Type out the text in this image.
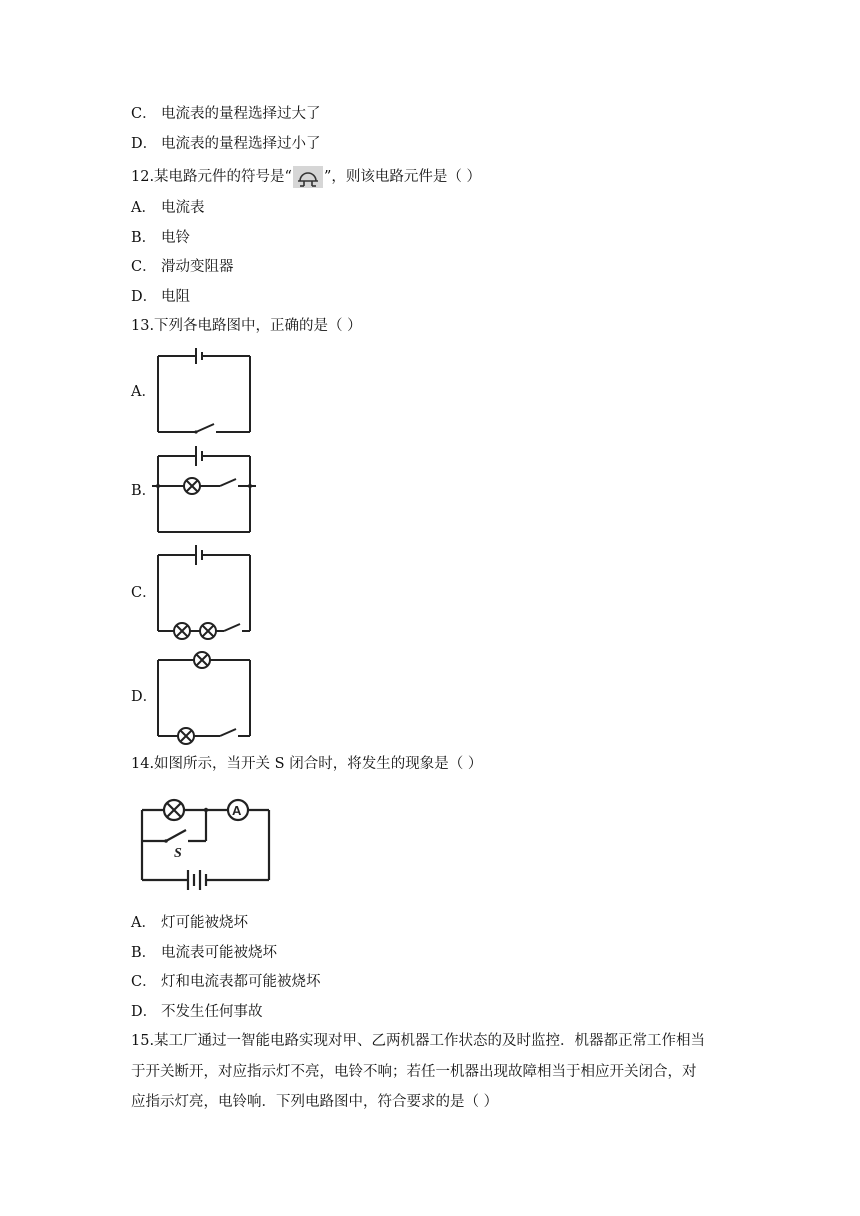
C． 电流表的量程选择过大了
D． 电流表的量程选择过小了
12.某电路元件的符号是“ ”，则该电路元件是（ ）
A． 电流表
B． 电铃
C． 滑动变阻器
D． 电阻
13.下列各电路图中，正确的是（ ）
A．
B．
C．
D．
14.如图所示，当开关 S 闭合时，将发生的现象是（ ）
A
S
A． 灯可能被烧坏
B． 电流表可能被烧坏
C． 灯和电流表都可能被烧坏
D． 不发生任何事故
15.某工厂通过一智能电路实现对甲、乙两机器工作状态的及时监控．机器都正常工作相当
于开关断开，对应指示灯不亮，电铃不响；若任一机器出现故障相当于相应开关闭合，对
应指示灯亮，电铃响．下列电路图中，符合要求的是（ ）
